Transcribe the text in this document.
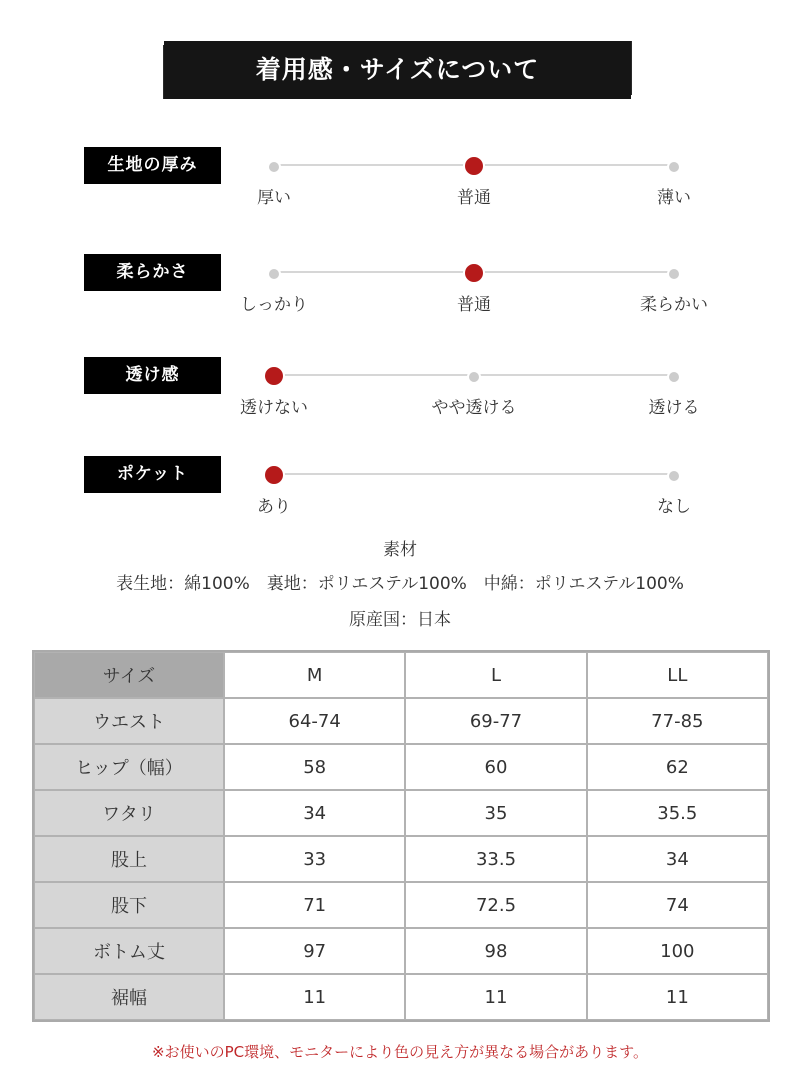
着用感・サイズについて
生地の厚み
厚い	普通	薄い
柔らかさ
しっかり	普通	柔らかい
透け感
透けない	やや透ける	透ける
ポケット
あり	なし
素材
表生地：綿100%　裏地：ポリエステル100%　中綿：ポリエステル100%
原産国：日本
サイズ	M	L	LL
ウエスト	64-74	69-77	77-85
ヒップ（幅）	58	60	62
ワタリ	34	35	35.5
股上	33	33.5	34
股下	71	72.5	74
ボトム丈	97	98	100
裾幅	11	11	11
※お使いのPC環境、モニターにより色の見え方が異なる場合があります。
